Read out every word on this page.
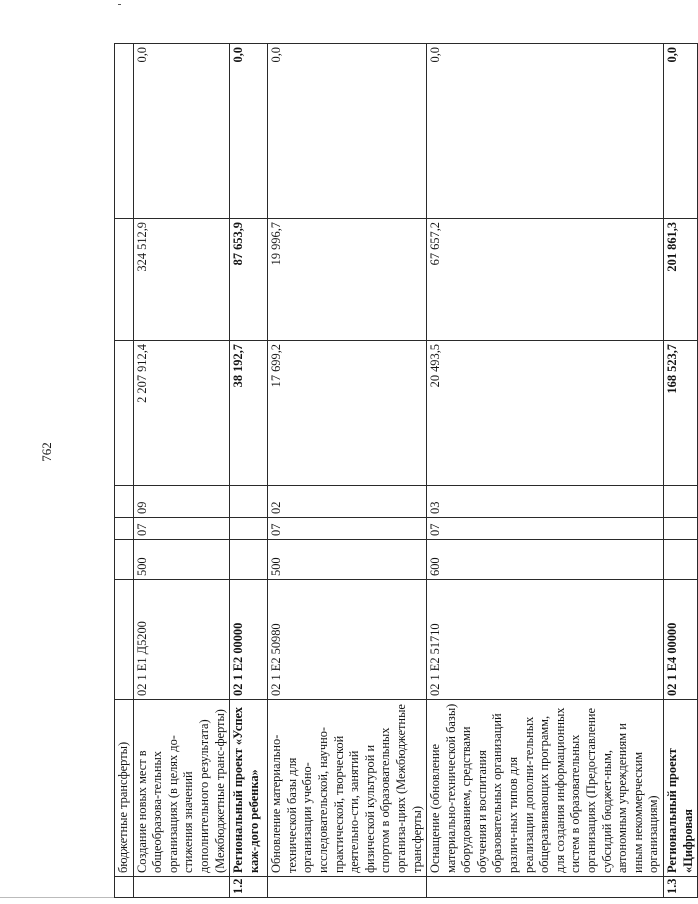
762
	бюджетные трансферты)							
	Создание новых мест в общеобразова-тельных организациях (в целях до-стижения значений дополнительного результата) (Межбюджетные транс-ферты)	02 1 Е1 Д5200	500	07	09	2 207 912,4	324 512,9	0,0
1.2	Региональный проект «Успех каж-дого ребенка»	02 1 Е2 00000				38 192,7	87 653,9	0,0
	Обновление материально-технической базы для организации учебно-исследовательской, научно-практической, творческой деятельно-сти, занятий физической культурой и спортом в образовательных организа-циях (Межбюджетные трансферты)	02 1 Е2 50980	500	07	02	17 699,2	19 996,7	0,0
	Оснащение (обновление материально-технической базы) оборудованием, средствами обучения и воспитания образовательных организаций различ-ных типов для реализации дополни-тельных общеразвивающих программ, для создания информационных систем в образовательных организациях (Предоставление субсидий бюджет-ным, автономным учреждениям и иным некоммерческим организациям)	02 1 Е2 51710	600	07	03	20 493,5	67 657,2	0,0
1.3	Региональный проект «Цифровая	02 1 Е4 00000				168 523,7	201 861,3	0,0
